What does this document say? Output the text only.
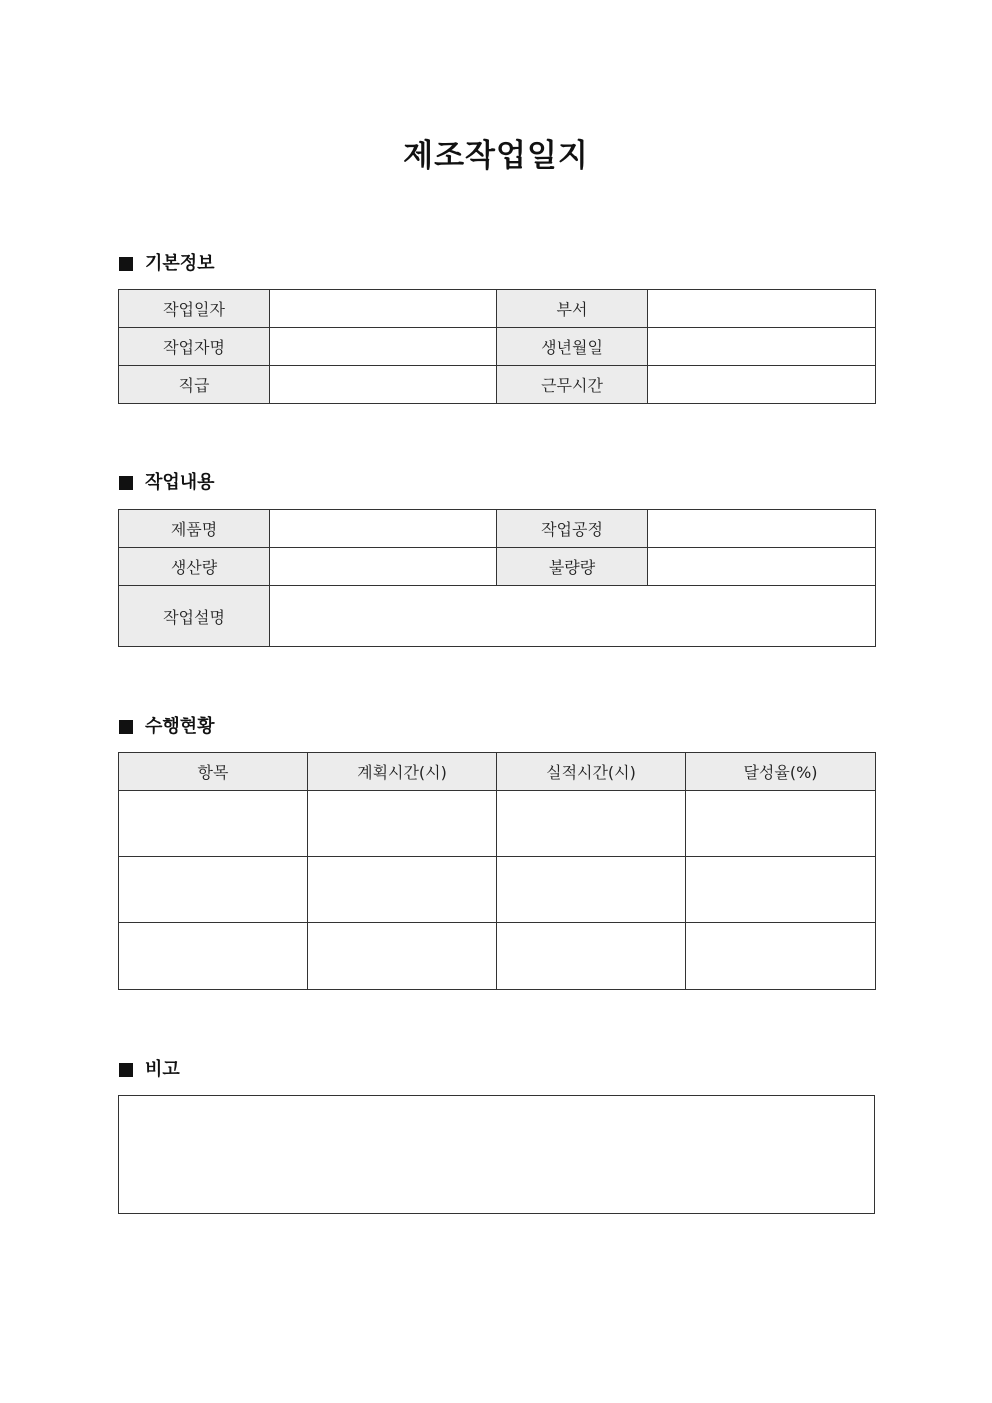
제조작업일지
기본정보
작업일자		부서	
작업자명		생년월일	
직급		근무시간	
작업내용
제품명		작업공정	
생산량		불량량	
작업설명			
수행현황
항목	계획시간(시)	실적시간(시)	달성율(%)

비고
